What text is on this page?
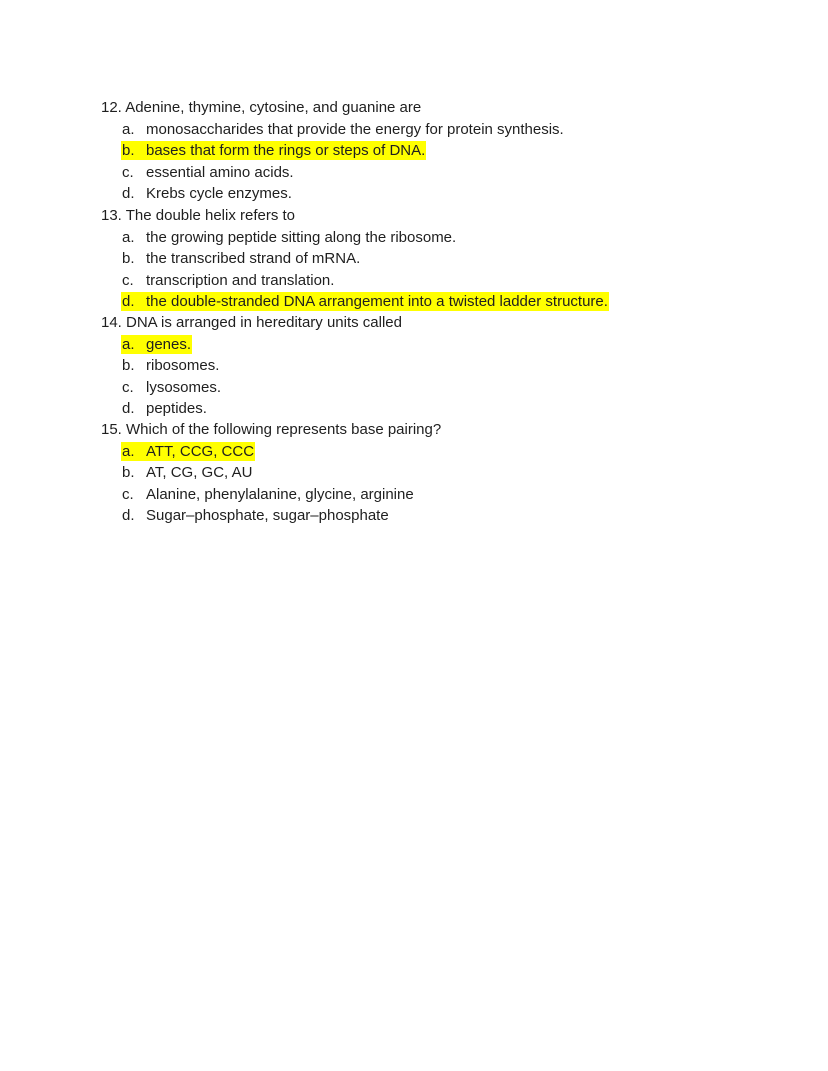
12. Adenine, thymine, cytosine, and guanine are
a. monosaccharides that provide the energy for protein synthesis.
b. bases that form the rings or steps of DNA.
c. essential amino acids.
d. Krebs cycle enzymes.
13. The double helix refers to
a. the growing peptide sitting along the ribosome.
b. the transcribed strand of mRNA.
c. transcription and translation.
d. the double-stranded DNA arrangement into a twisted ladder structure.
14. DNA is arranged in hereditary units called
a. genes.
b. ribosomes.
c. lysosomes.
d. peptides.
15. Which of the following represents base pairing?
a. ATT, CCG, CCC
b. AT, CG, GC, AU
c. Alanine, phenylalanine, glycine, arginine
d. Sugar–phosphate, sugar–phosphate
